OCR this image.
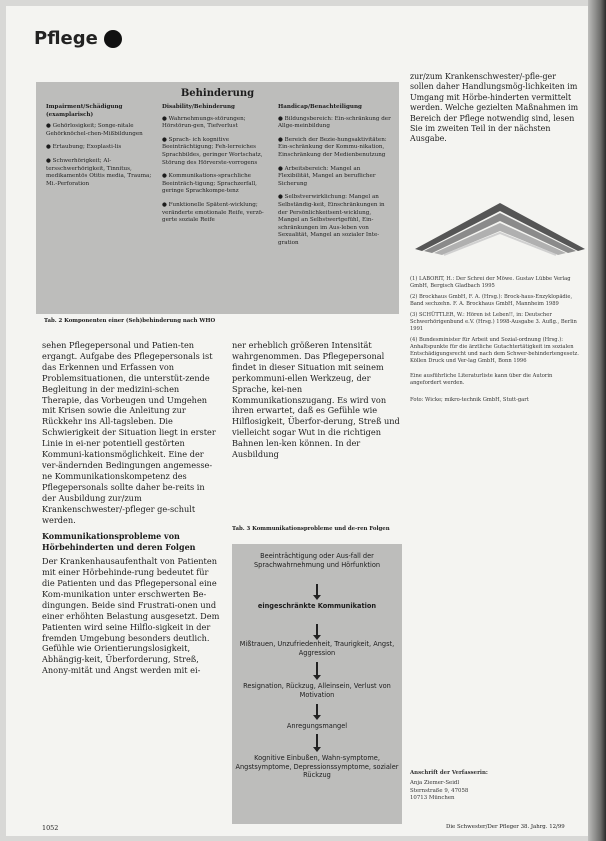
Pflege
Behinderung
Impairment/Schädigung (examplarisch)
● Gehörlosigkeit; Songe-nitale Gehörknöchel-chen-Mißbildungen
● Ertaubung; Exoplasti-lis
● Schwerhörigkeit; Al-tersschwerhörigkeit, Tinnitus, medikamentös Otitis media, Trauma; Mi.-Perforation
Disability/Behinderung
● Wahrnehmungs-störungen; Hörstörun-gen, Tiefverlust
● Sprach- ich kognitive Beeinträchtigung; Feh-lerreiches Sprachbildes, geringer Wortschatz, Störung des Hörverste-vorrogens
● Kommunikations-sprachliche Beeinträch-tigung; Sprachzerfall, geringe Sprachkompe-tenz
● Funktionelle Spätent-wicklung; veränderte emotionale Reife, verzö-gerte soziale Reife
Handicap/Benachteiligung
● Bildungsbereich: Ein-schränkung der Allge-meinbildung
● Bereich der Bezie-hungsaktivitäten: Ein-schränkung der Kommu-nikation, Einschränkung der Medienbenutzung
● Arbeitsbereich: Mangel an Flexibilität, Mangel an beruflicher Sicherung
● Selbstverwirklichung: Mangel an Selbständig-keit, Einschränkungen in der Persönlichkeitsent-wicklung, Mangel an Selbstwertgefühl, Ein-schränkungen im Aus-leben von Sexualität, Mangel an sozialer Inte-gration
Tab. 2 Komponenten einer (Seh)behinderung nach WHO
zur/zum Krankenschwester/-pfle-ger sollen daher Handlungsmög-lichkeiten im Umgang mit Hörbe-hinderten vermittelt werden. Welche gezielten Maßnahmen im Bereich der Pflege notwendig sind, lesen Sie im zweiten Teil in der nächsten Ausgabe.

(1) LABORIT, H.: Der Schrei der Möwe. Gustav Lübbe Verlag GmbH, Bergisch Gladbach 1995

(2) Brockhaus GmbH, F. A. (Hrsg.): Brock-haus-Enzyklopädie, Band sechzehn. F. A. Brockhaus GmbH, Mannheim 1989

(3) SCHÜTTLER, W.: Hören ist Leben!!, in: Deutscher Schwerhörigenbund e.V. (Hrsg.) 1998-Ausgabe 3. Auflg., Berlin 1991

(4) Bundesminister für Arbeit und Sozial-ordnung (Hrsg.): Anhaltspunkte für die ärztliche Gutachtertätigkeit im sozialen Entschädigungsrecht und nach dem Schwer-behindertengesetz. Köllen Druck und Ver-lag GmbH, Bonn 1996

Eine ausführliche Literaturliste kann über die Autorin angefordert werden.

Foto: Wicke; mikro-technik GmbH, Stutt-gart

sehen Pflegepersonal und Patien-ten ergangt. Aufgabe des Pflegepersonals ist das Erkennen und Erfassen von Problemsituationen, die unterstüt-zende Begleitung in der medizini-schen Therapie, das Vorbeugen und Umgehen mit Krisen sowie die Anleitung zur Rückkehr ins All-tagsleben. Die Schwierigkeit der Situation liegt in erster Linie in ei-ner potentiell gestörten Kommuni-kationsmöglichkeit. Eine der ver-ändernden Bedingungen angemesse-ne Kommunikationskompetenz des Pflegepersonals sollte daher be-reits in der Ausbildung zur/zum Krankenschwester/-pfleger ge-schult werden.

Kommunikationsprobleme von Hörbehinderten und deren Folgen

Der Krankenhausaufenthalt von Patienten mit einer Hörbehinde-rung bedeutet für die Patienten und das Pflegepersonal eine Kom-munikation unter erschwerten Be-dingungen. Beide sind Frustrati-onen und einer erhöhten Belastung ausgesetzt. Dem Patienten wird seine Hilflo-sigkeit in der fremden Umgebung besonders deutlich. Gefühle wie Orientierungslosigkeit, Abhängig-keit, Überforderung, Streß, Anony-mität und Angst werden mit ei-

ner erheblich größeren Intensität wahrgenommen. Das Pflegepersonal findet in dieser Situation mit seinem perkommuni-ellen Werkzeug, der Sprache, kei-nen Kommunikationszugang. Es wird von ihren erwartet, daß es Gefühle wie Hilflosigkeit, Überfor-derung, Streß und vielleicht sogar Wut in die richtigen Bahnen len-ken können. In der Ausbildung

Tab. 3 Kommunikationsprobleme und de-ren Folgen
Beeinträchtigung oder Aus-fall der Sprachwahrnehmung und Hörfunktion
eingeschränkte Kommunikation
Mißtrauen, Unzufriedenheit, Traurigkeit, Angst, Aggression
Resignation, Rückzug, Alleinsein, Verlust von Motivation
Anregungsmangel
Kognitive Einbußen, Wahn-symptome, Angstsymptome, Depressionssymptome, sozialer Rückzug	Anschrift der Verfasserin:

Anja Ziemer-Seidl
Sternstraße 9, 47058
10713 München
1052	Die Schwester/Der Pfleger 38. Jahrg. 12/99
